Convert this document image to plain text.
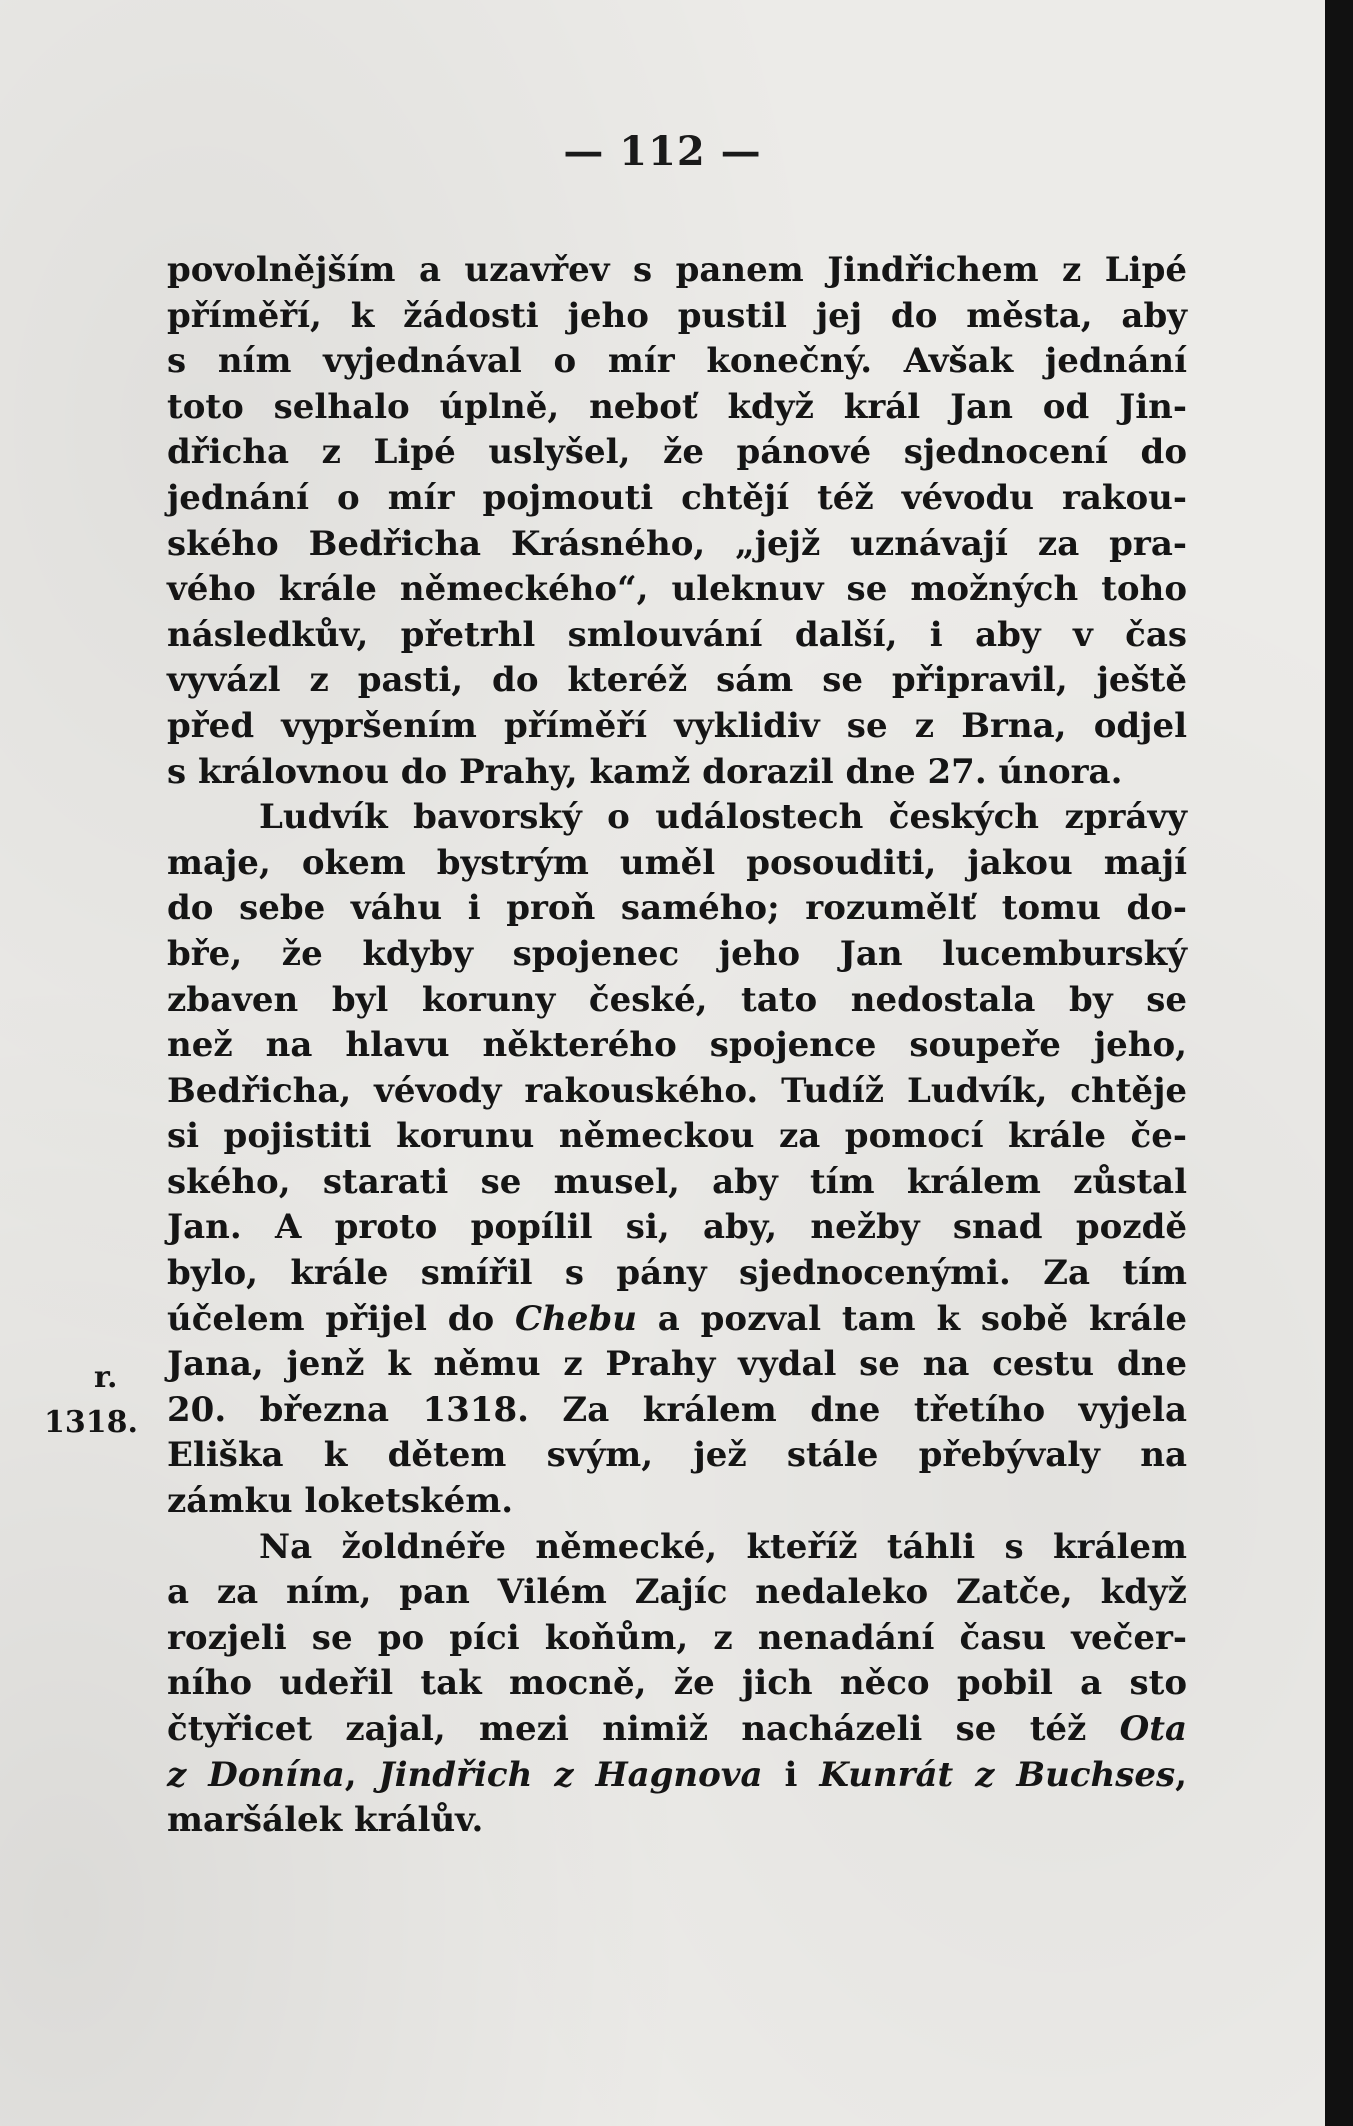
— 112 —
r.
1318.
povolnějším a uzavřev s panem Jindřichem z Lipé
příměří, k žádosti jeho pustil jej do města, aby
s ním vyjednával o mír konečný. Avšak jednání
toto selhalo úplně, neboť když král Jan od Jin-
dřicha z Lipé uslyšel, že pánové sjednocení do
jednání o mír pojmouti chtějí též vévodu rakou-
ského Bedřicha Krásného, „jejž uznávají za pra-
vého krále německého“, uleknuv se možných toho
následkův, přetrhl smlouvání další, i aby v čas
vyvázl z pasti, do kteréž sám se připravil, ještě
před vypršením příměří vyklidiv se z Brna, odjel
s královnou do Prahy, kamž dorazil dne 27. února.
Ludvík bavorský o událostech českých zprávy
maje, okem bystrým uměl posouditi, jakou mají
do sebe váhu i proň samého; rozumělť tomu do-
bře, že kdyby spojenec jeho Jan lucemburský
zbaven byl koruny české, tato nedostala by se
než na hlavu některého spojence soupeře jeho,
Bedřicha, vévody rakouského. Tudíž Ludvík, chtěje
si pojistiti korunu německou za pomocí krále če-
ského, starati se musel, aby tím králem zůstal
Jan. A proto popílil si, aby, nežby snad pozdě
bylo, krále smířil s pány sjednocenými. Za tím
účelem přijel do Chebu a pozval tam k sobě krále
Jana, jenž k němu z Prahy vydal se na cestu dne
20. března 1318. Za králem dne třetího vyjela
Eliška k dětem svým, jež stále přebývaly na
zámku loketském.
Na žoldnéře německé, kteříž táhli s králem
a za ním, pan Vilém Zajíc nedaleko Zatče, když
rozjeli se po píci koňům, z nenadání času večer-
ního udeřil tak mocně, že jich něco pobil a sto
čtyřicet zajal, mezi nimiž nacházeli se též Ota
z Donína, Jindřich z Hagnova i Kunrát z Buchses,
maršálek králův.
